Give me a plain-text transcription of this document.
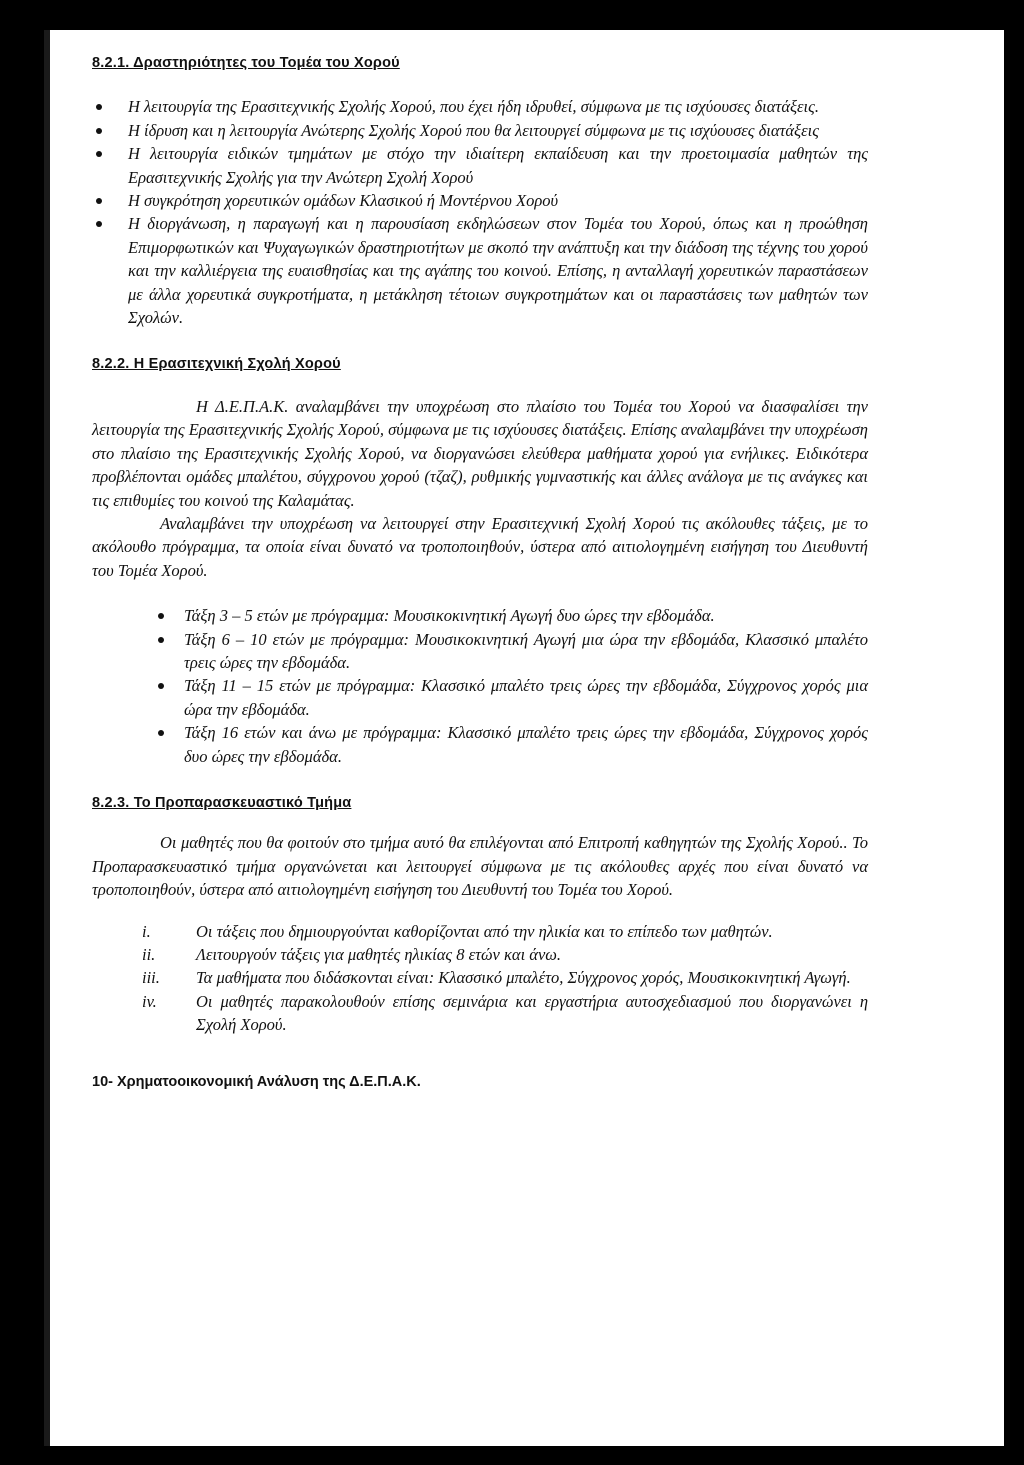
8.2.1. Δραστηριότητες του Τομέα του Χορού
Η λειτουργία της Ερασιτεχνικής Σχολής Χορού, που έχει ήδη ιδρυθεί, σύμφωνα με τις ισχύουσες διατάξεις.
Η ίδρυση και η λειτουργία Ανώτερης Σχολής Χορού που θα λειτουργεί σύμφωνα με τις ισχύουσες διατάξεις
Η λειτουργία ειδικών τμημάτων με στόχο την ιδιαίτερη εκπαίδευση και την προετοιμασία μαθητών της Ερασιτεχνικής Σχολής για την Ανώτερη Σχολή Χορού
Η συγκρότηση χορευτικών ομάδων Κλασικού ή Μοντέρνου Χορού
Η διοργάνωση, η παραγωγή και η παρουσίαση εκδηλώσεων στον Τομέα του Χορού, όπως και η προώθηση Επιμορφωτικών και Ψυχαγωγικών δραστηριοτήτων με σκοπό την ανάπτυξη και την διάδοση της τέχνης του χορού και την καλλιέργεια της ευαισθησίας και της αγάπης του κοινού. Επίσης, η ανταλλαγή χορευτικών παραστάσεων με άλλα χορευτικά συγκροτήματα, η μετάκληση τέτοιων συγκροτημάτων και οι παραστάσεις των μαθητών των Σχολών.
8.2.2. Η Ερασιτεχνική Σχολή Χορού

Η Δ.Ε.Π.Α.Κ. αναλαμβάνει την υποχρέωση στο πλαίσιο του Τομέα του Χορού να διασφαλίσει την λειτουργία της Ερασιτεχνικής Σχολής Χορού, σύμφωνα με τις ισχύουσες διατάξεις. Επίσης αναλαμβάνει την υποχρέωση στο πλαίσιο της Ερασιτεχνικής Σχολής Χορού, να διοργανώσει ελεύθερα μαθήματα χορού για ενήλικες. Ειδικότερα προβλέπονται ομάδες μπαλέτου, σύγχρονου χορού (τζαζ), ρυθμικής γυμναστικής και άλλες ανάλογα με τις ανάγκες και τις επιθυμίες του κοινού της Καλαμάτας.

Αναλαμβάνει την υποχρέωση να λειτουργεί στην Ερασιτεχνική Σχολή Χορού τις ακόλουθες τάξεις, με το ακόλουθο πρόγραμμα, τα οποία είναι δυνατό να τροποποιηθούν, ύστερα από αιτιολογημένη εισήγηση του Διευθυντή του Τομέα Χορού.

Τάξη 3 – 5 ετών με πρόγραμμα: Μουσικοκινητική Αγωγή δυο ώρες την εβδομάδα.
Τάξη 6 – 10 ετών με πρόγραμμα: Μουσικοκινητική Αγωγή μια ώρα την εβδομάδα, Κλασσικό μπαλέτο τρεις ώρες την εβδομάδα.
Τάξη 11 – 15 ετών με πρόγραμμα: Κλασσικό μπαλέτο τρεις ώρες την εβδομάδα, Σύγχρονος χορός μια ώρα την εβδομάδα.
Τάξη 16 ετών και άνω με πρόγραμμα: Κλασσικό μπαλέτο τρεις ώρες την εβδομάδα, Σύγχρονος χορός δυο ώρες την εβδομάδα.
8.2.3. Το Προπαρασκευαστικό Τμήμα

Οι μαθητές που θα φοιτούν στο τμήμα αυτό θα επιλέγονται από Επιτροπή καθηγητών της Σχολής Χορού.. Το Προπαρασκευαστικό τμήμα οργανώνεται και λειτουργεί σύμφωνα με τις ακόλουθες αρχές που είναι δυνατό να τροποποιηθούν, ύστερα από αιτιολογημένη εισήγηση του Διευθυντή του Τομέα του Χορού.

i.	Οι τάξεις που δημιουργούνται καθορίζονται από την ηλικία και το επίπεδο των μαθητών.
ii. Λειτουργούν τάξεις για μαθητές ηλικίας 8 ετών και άνω.
iii. Τα μαθήματα που διδάσκονται είναι: Κλασσικό μπαλέτο, Σύγχρονος χορός, Μουσικοκινητική Αγωγή.
iv. Οι μαθητές παρακολουθούν επίσης σεμινάρια και εργαστήρια αυτοσχεδιασμού που διοργανώνει η Σχολή Χορού.
10- Χρηματοοικονομική Ανάλυση της Δ.Ε.Π.Α.Κ.
